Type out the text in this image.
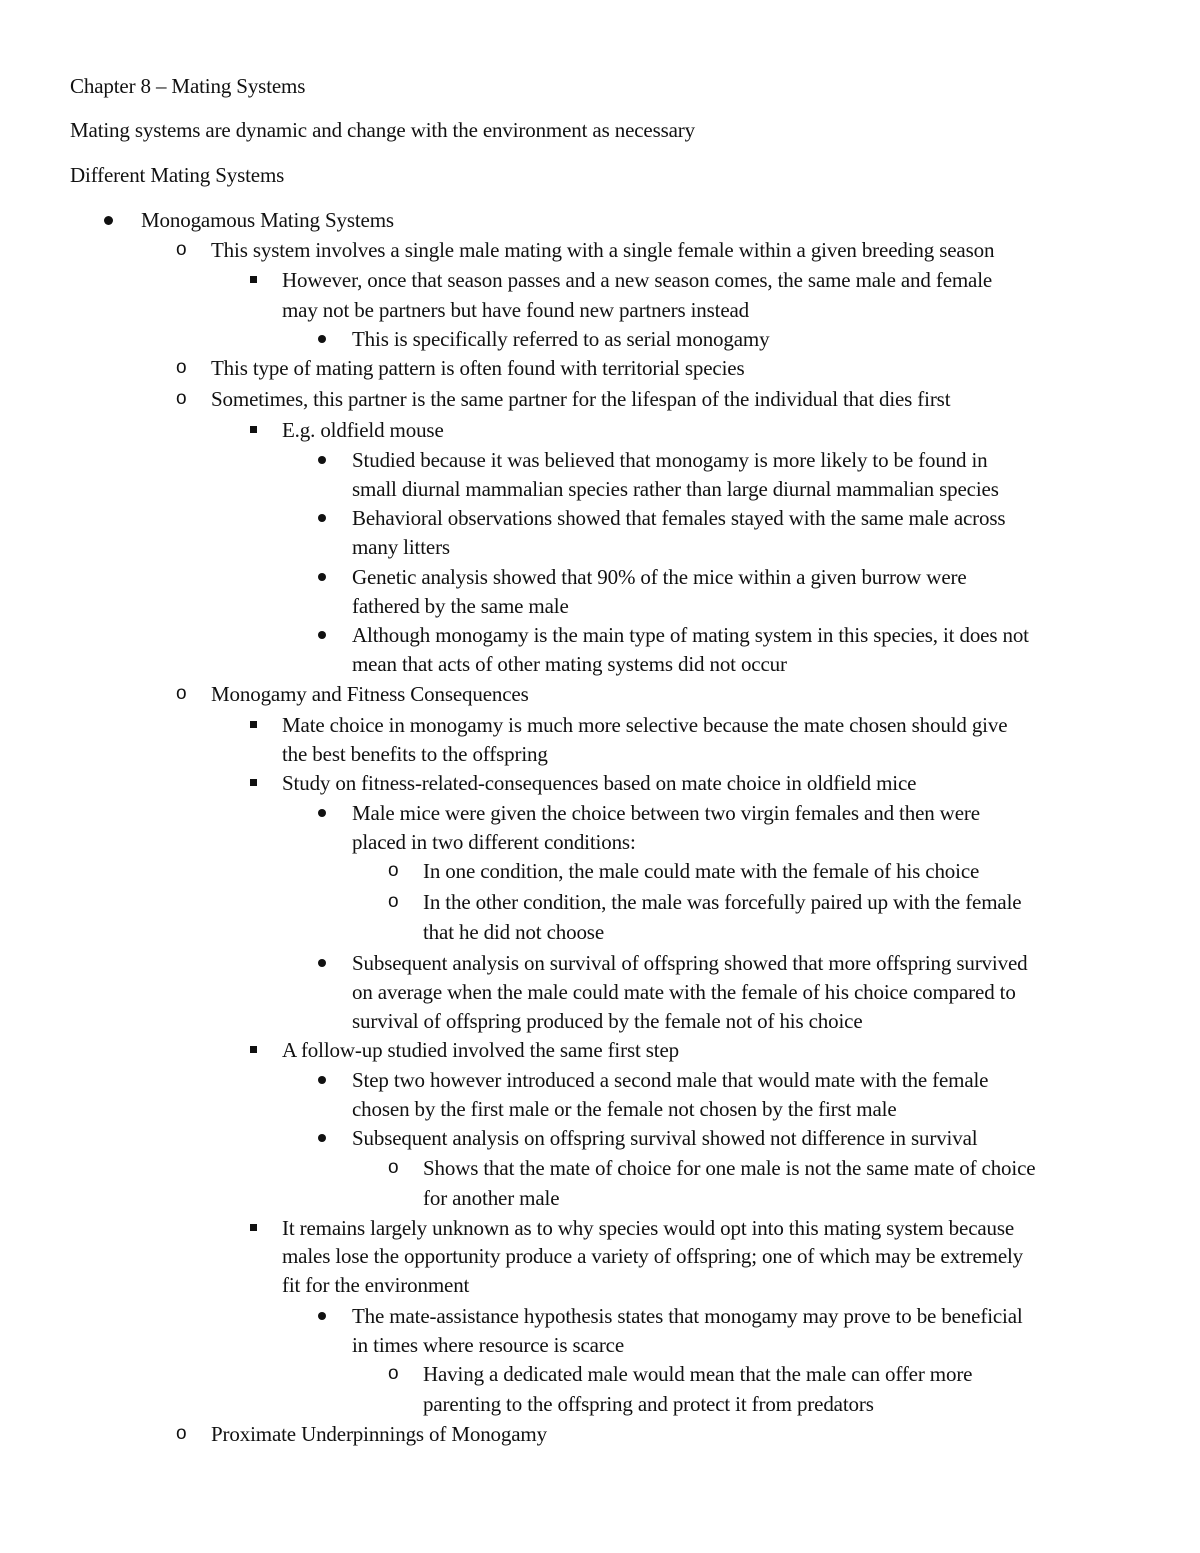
Chapter 8 – Mating Systems
Mating systems are dynamic and change with the environment as necessary
Different Mating Systems
Monogamous Mating Systems
o This system involves a single male mating with a single female within a given breeding season
However, once that season passes and a new season comes, the same male and female
may not be partners but have found new partners instead
This is specifically referred to as serial monogamy
o This type of mating pattern is often found with territorial species
o Sometimes, this partner is the same partner for the lifespan of the individual that dies first
E.g. oldfield mouse
Studied because it was believed that monogamy is more likely to be found in
small diurnal mammalian species rather than large diurnal mammalian species
Behavioral observations showed that females stayed with the same male across
many litters
Genetic analysis showed that 90% of the mice within a given burrow were
fathered by the same male
Although monogamy is the main type of mating system in this species, it does not
mean that acts of other mating systems did not occur
o Monogamy and Fitness Consequences
Mate choice in monogamy is much more selective because the mate chosen should give
the best benefits to the offspring
Study on fitness-related-consequences based on mate choice in oldfield mice
Male mice were given the choice between two virgin females and then were
placed in two different conditions:
o In one condition, the male could mate with the female of his choice
o In the other condition, the male was forcefully paired up with the female
that he did not choose
Subsequent analysis on survival of offspring showed that more offspring survived
on average when the male could mate with the female of his choice compared to
survival of offspring produced by the female not of his choice
A follow-up studied involved the same first step
Step two however introduced a second male that would mate with the female
chosen by the first male or the female not chosen by the first male
Subsequent analysis on offspring survival showed not difference in survival
o Shows that the mate of choice for one male is not the same mate of choice
for another male
It remains largely unknown as to why species would opt into this mating system because
males lose the opportunity produce a variety of offspring; one of which may be extremely
fit for the environment
The mate-assistance hypothesis states that monogamy may prove to be beneficial
in times where resource is scarce
o Having a dedicated male would mean that the male can offer more
parenting to the offspring and protect it from predators
o Proximate Underpinnings of Monogamy
